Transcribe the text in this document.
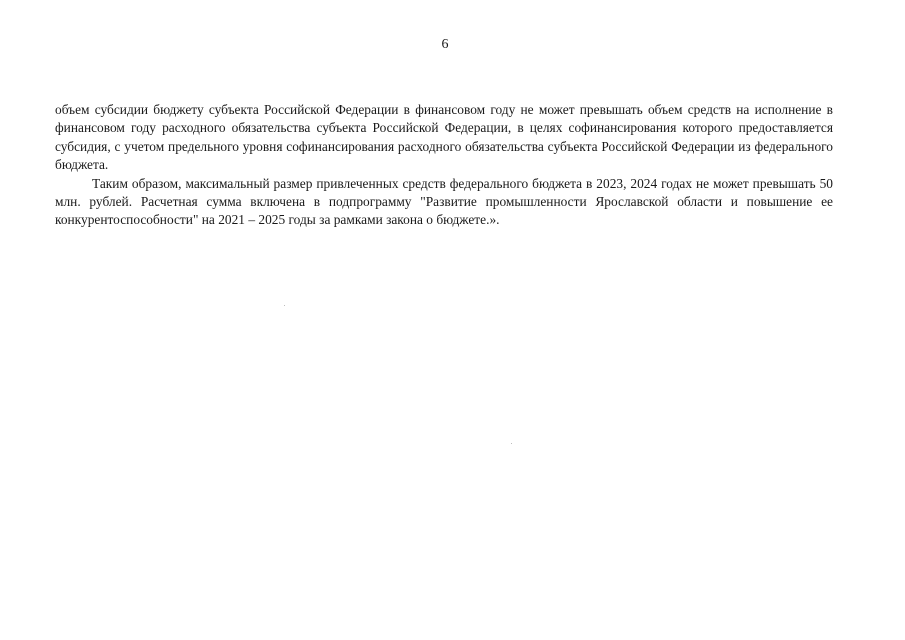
6

объем субсидии бюджету субъекта Российской Федерации в финансовом году не может превышать объем средств на исполнение в финансовом году расходного обязательства субъекта Российской Федерации, в целях софинансирования которого предоставляется субсидия, с учетом предельного уровня софинансирования расходного обязательства субъекта Российской Федерации из федерального бюджета.

Таким образом, максимальный размер привлеченных средств федерального бюджета в 2023, 2024 годах не может превышать 50 млн. рублей. Расчетная сумма включена в подпрограмму "Развитие промышленности Ярославской области и повышение ее конкурентоспособности" на 2021 – 2025 годы за рамками закона о бюджете.».
